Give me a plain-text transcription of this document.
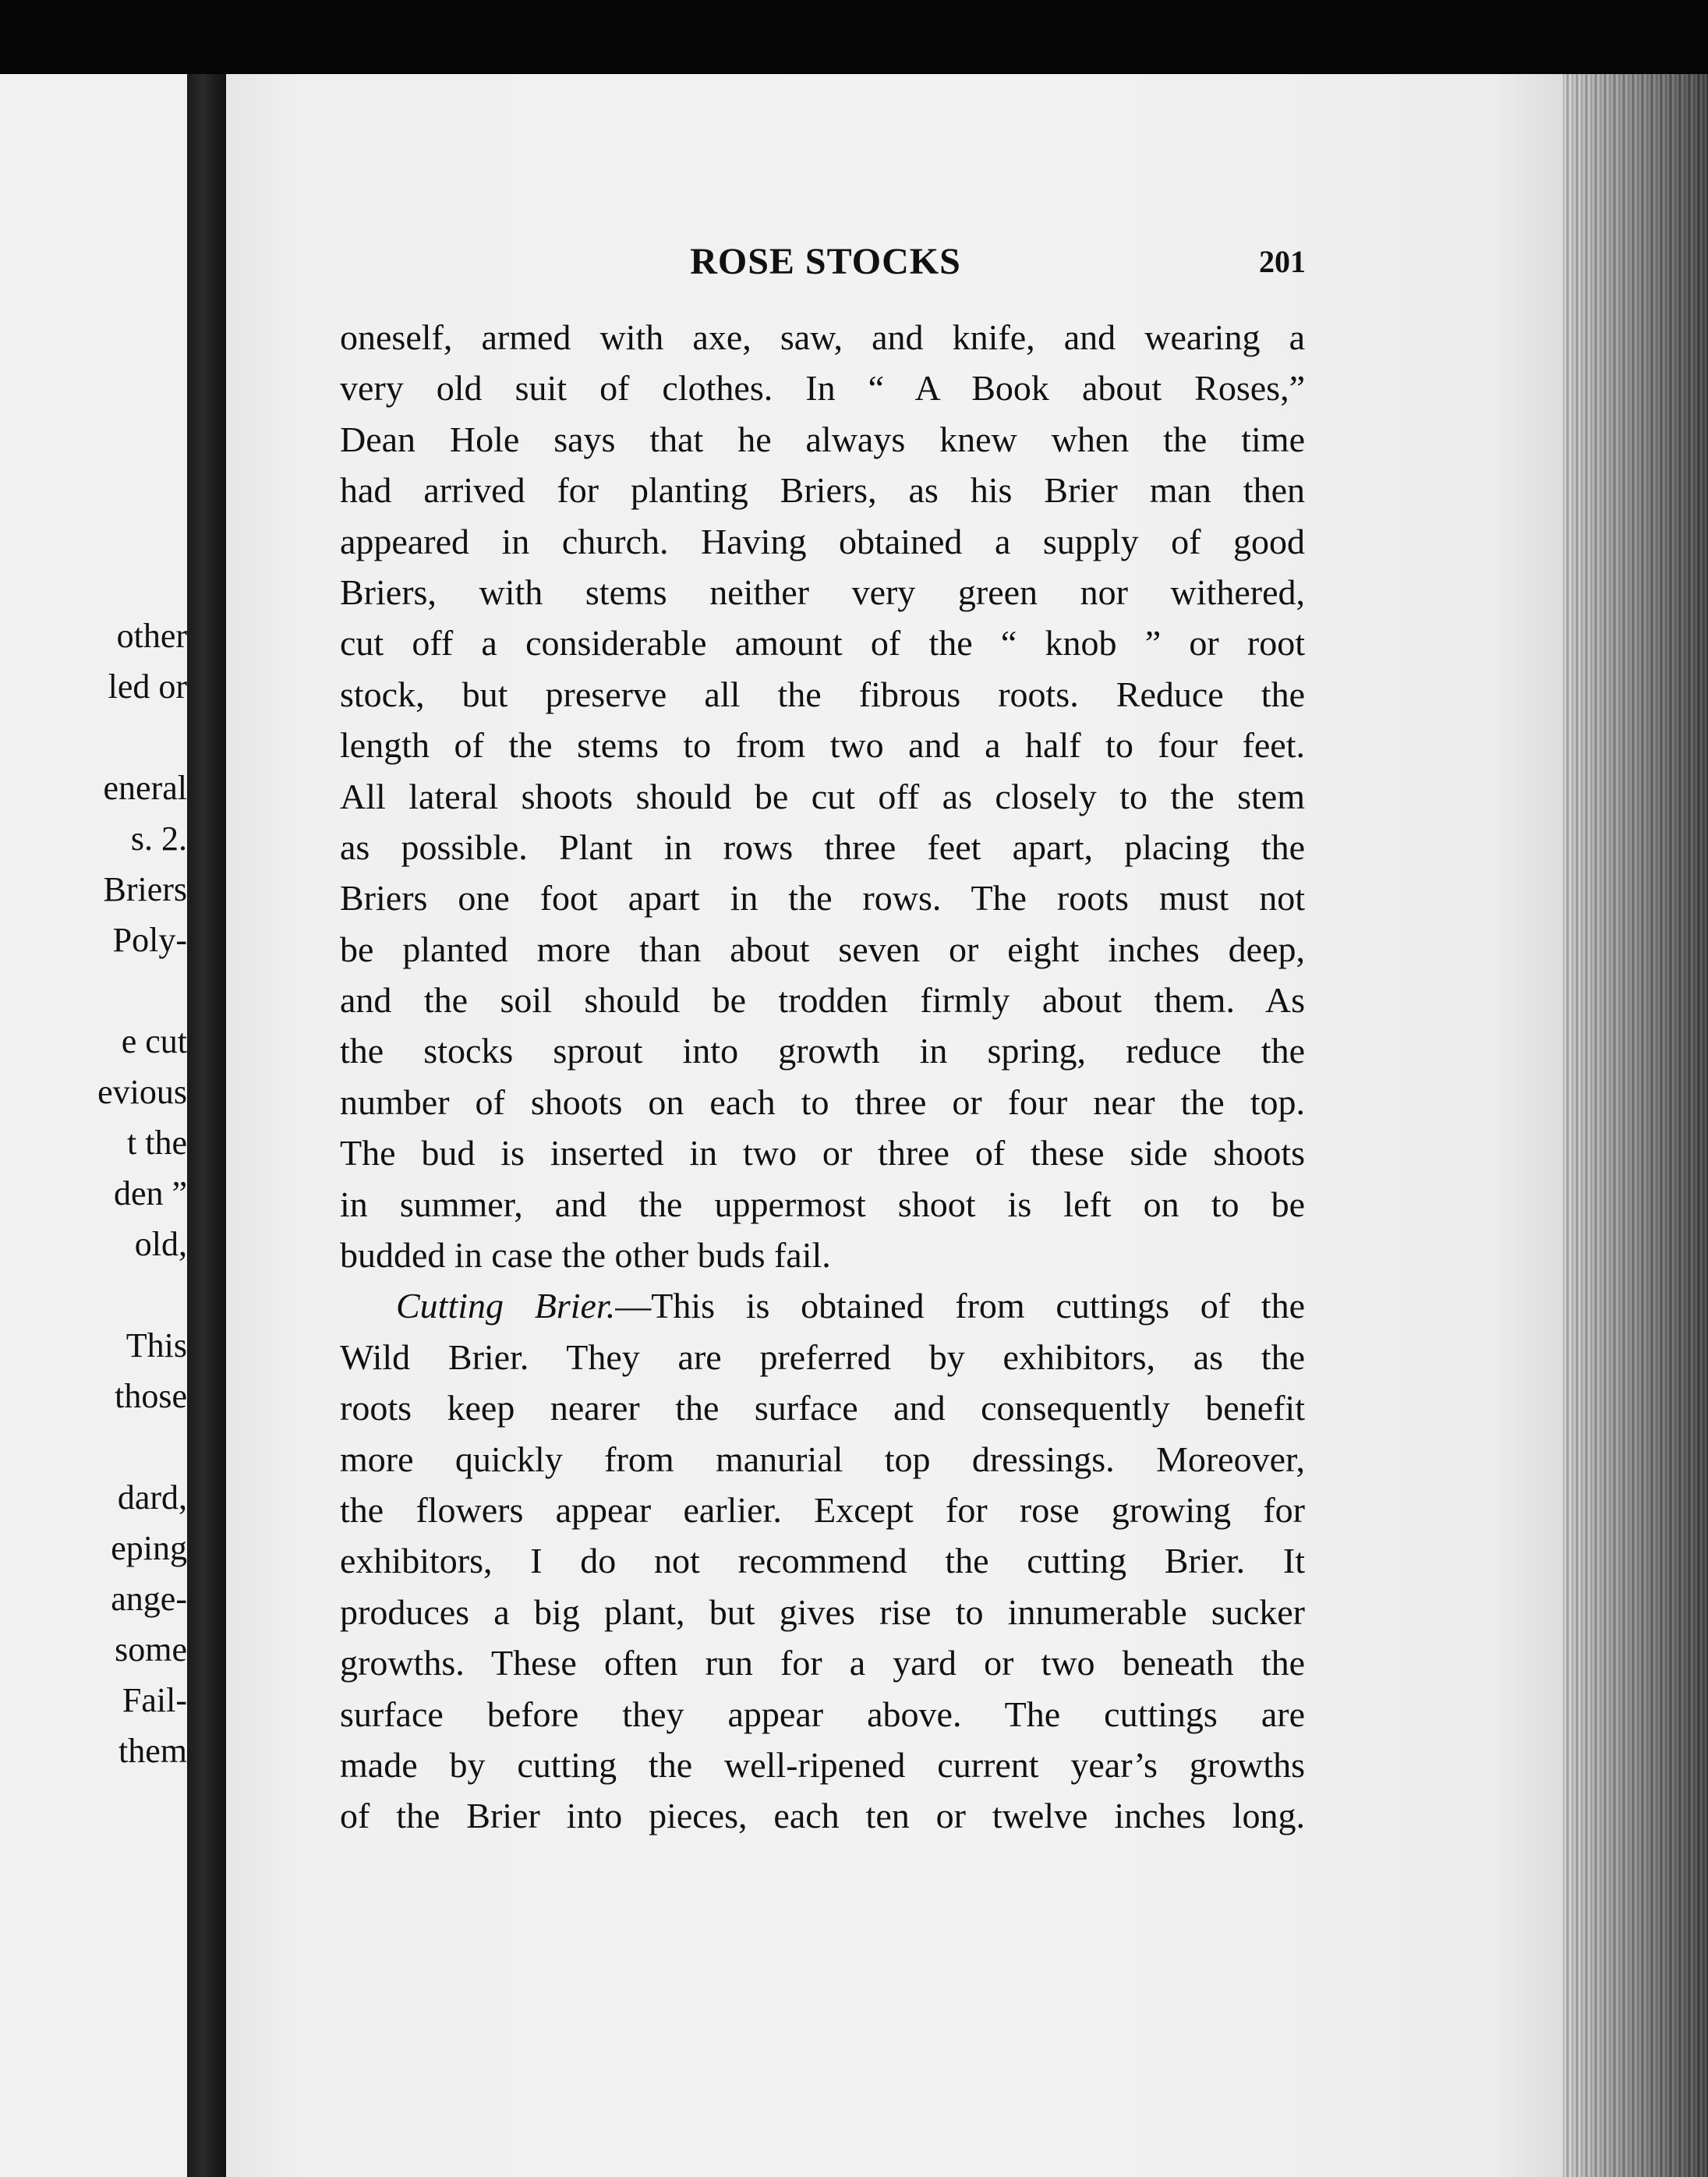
other
led or
eneral
s. 2.
Briers
Poly-
e cut
evious
t the
den ”
old,
This
those
dard,
eping
ange-
some
Fail-
them
ROSE STOCKS	201
oneself, armed with axe, saw, and knife, and wearing a
very old suit of clothes. In “ A Book about Roses,”
Dean Hole says that he always knew when the time
had arrived for planting Briers, as his Brier man then
appeared in church. Having obtained a supply of good
Briers, with stems neither very green nor withered,
cut off a considerable amount of the “ knob ” or root
stock, but preserve all the fibrous roots. Reduce the
length of the stems to from two and a half to four feet.
All lateral shoots should be cut off as closely to the stem
as possible. Plant in rows three feet apart, placing the
Briers one foot apart in the rows. The roots must not
be planted more than about seven or eight inches deep,
and the soil should be trodden firmly about them. As
the stocks sprout into growth in spring, reduce the
number of shoots on each to three or four near the top.
The bud is inserted in two or three of these side shoots
in summer, and the uppermost shoot is left on to be
budded in case the other buds fail.
Cutting Brier.—This is obtained from cuttings of the
Wild Brier. They are preferred by exhibitors, as the
roots keep nearer the surface and consequently benefit
more quickly from manurial top dressings. Moreover,
the flowers appear earlier. Except for rose growing for
exhibitors, I do not recommend the cutting Brier. It
produces a big plant, but gives rise to innumerable sucker
growths. These often run for a yard or two beneath the
surface before they appear above. The cuttings are
made by cutting the well-ripened current year’s growths
of the Brier into pieces, each ten or twelve inches long.
